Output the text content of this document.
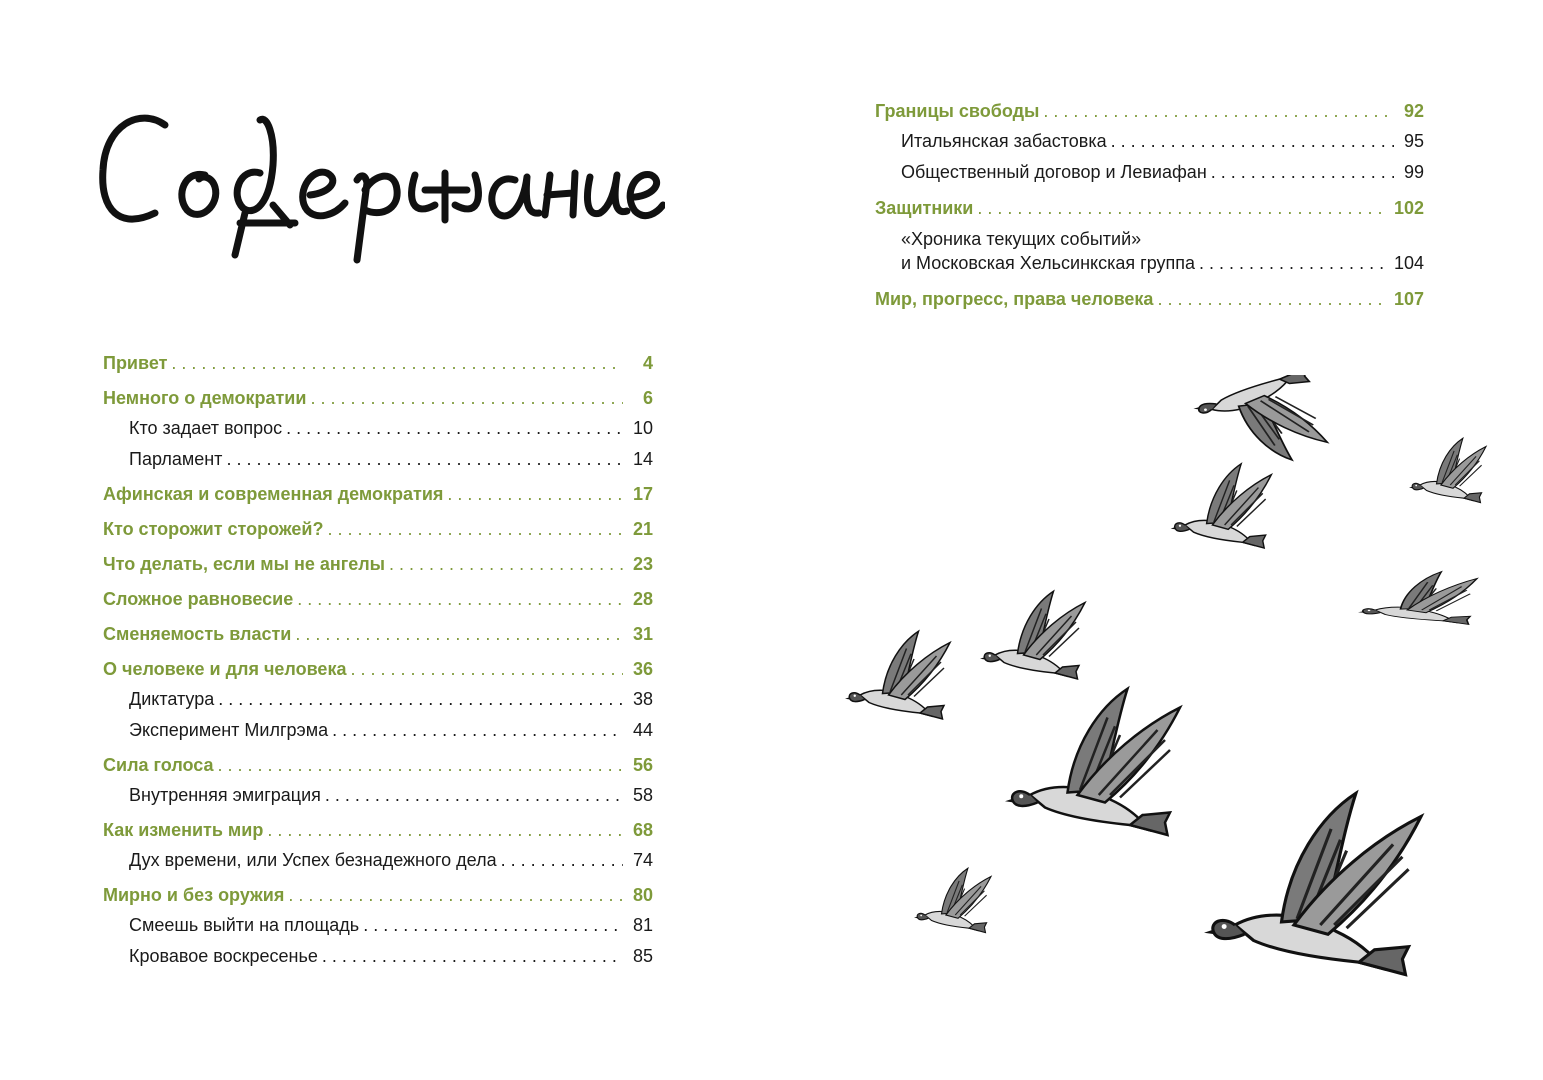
Привет . . .	4
Немного о демократии . . .	6
Кто задает вопрос . . .	10
Парламент . . .	14
Афинская и современная демократия . . .	17
Кто сторожит сторожей? . . .	21
Что делать, если мы не ангелы . . .	23
Сложное равновесие . . .	28
Сменяемость власти . . .	31
О человеке и для человека . . .	36
Диктатура . . .	38
Эксперимент Милгрэма . . .	44
Сила голоса . . .	56
Внутренняя эмиграция . . .	58
Как изменить мир . . .	68
Дух времени, или Успех безнадежного дела . . .	74
Мирно и без оружия . . .	80
Смеешь выйти на площадь . . .	81
Кровавое воскресенье . . .	85
Границы свободы . . .	92
Итальянская забастовка . . .	95
Общественный договор и Левиафан . . .	99
Защитники . . .	102
«Хроника текущих событий»
и Московская Хельсинкская группа . . .	104
Мир, прогресс, права человека . . .	107
